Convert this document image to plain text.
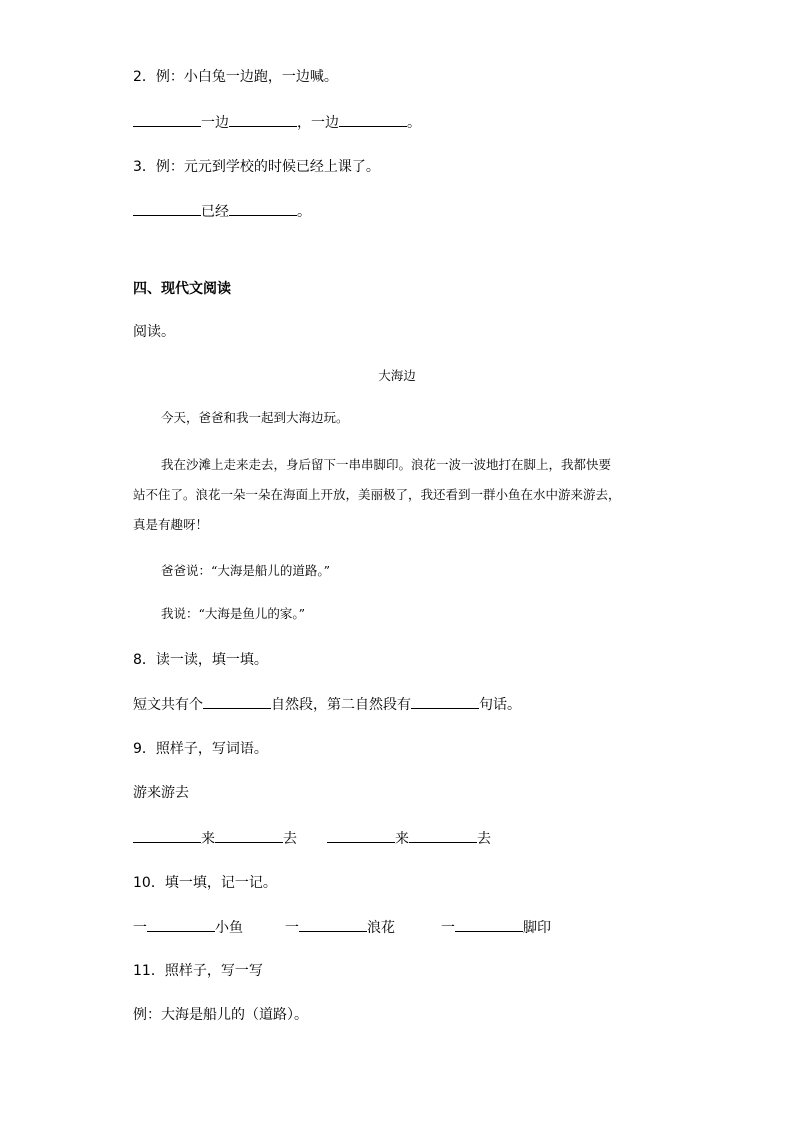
2．例：小白兔一边跑，一边喊。
一边	，一边	。
3．例：元元到学校的时候已经上课了。
已经	。
四、现代文阅读
阅读。
大海边
今天，爸爸和我一起到大海边玩。
我在沙滩上走来走去，身后留下一串串脚印。浪花一波一波地打在脚上，我都快要
站不住了。浪花一朵一朵在海面上开放，美丽极了，我还看到一群小鱼在水中游来游去，
真是有趣呀！
爸爸说：“大海是船儿的道路。”
我说：“大海是鱼儿的家。”
8．读一读，填一填。
短文共有个	自然段，第二自然段有	句话。
9．照样子，写词语。
游来游去
来	去	来	去
10．填一填，记一记。
一	小鱼	一	浪花	一	脚印
11．照样子，写一写
例：大海是船儿的（道路）。
